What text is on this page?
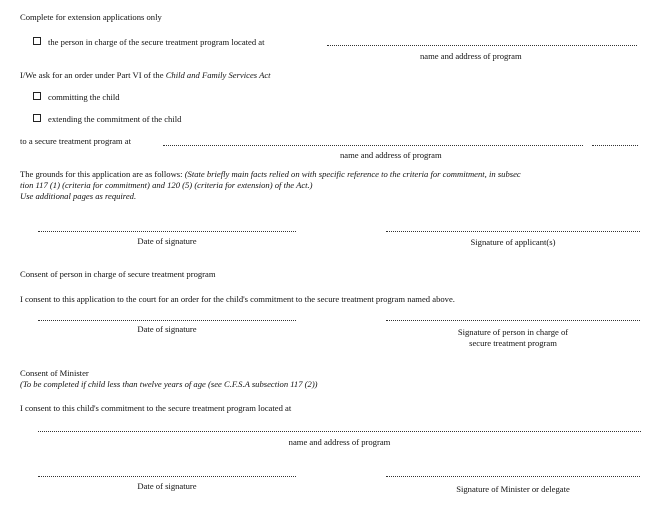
Complete for extension applications only
the person in charge of the secure treatment program located at
name and address of program
I/We ask for an order under Part VI of the Child and Family Services Act
committing the child
extending the commitment of the child
to a secure treatment program at
name and address of program
The grounds for this application are as follows: (State briefly main facts relied on with specific reference to the criteria for commitment, in subsec
tion 117 (1) (criteria for commitment) and 120 (5) (criteria for extension) of the Act.)
Use additional pages as required.
Date of signature	Signature of applicant(s)
Consent of person in charge of secure treatment program
I consent to this application to the court for an order for the child's commitment to the secure treatment program named above.
Date of signature	Signature of person in charge of
secure treatment program
Consent of Minister
(To be completed if child less than twelve years of age (see C.F.S.A subsection 117 (2))
I consent to this child's commitment to the secure treatment program located at
name and address of program
Date of signature	Signature of Minister or delegate
